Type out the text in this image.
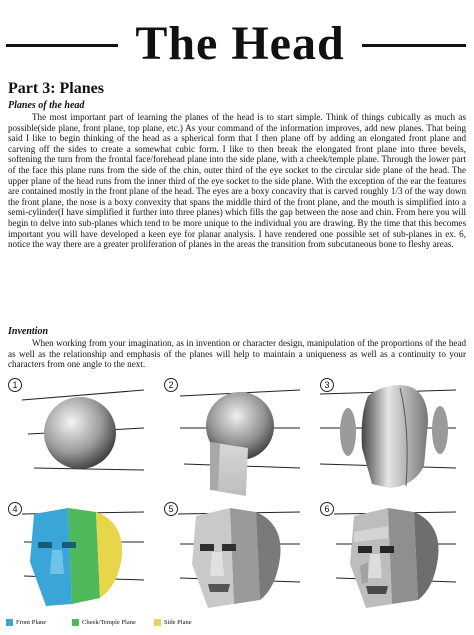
The Head
Part 3: Planes
Planes of the head
The most important part of learning the planes of the head is to start simple. Think of things cubically as much as possible(side plane, front plane, top plane, etc.) As your command of the information improves, add new planes. That being said I like to begin thinking of the head as a spherical form that I then plane off by adding an elongated front plane and carving off the sides to create a somewhat cubic form. I like to then break the elongated front plane into three bevels, softening the turn from the frontal face/forehead plane into the side plane, with a cheek/temple plane. Through the lower part of the face this plane runs from the side of the chin, outer third of the eye socket to the circular side plane of the head. The upper plane of the head runs from the inner third of the eye socket to the side plane. With the exception of the ear the features are contained mostly in the front plane of the head. The eyes are a boxy concavity that is carved roughly 1/3 of the way down the front plane, the nose is a boxy convexity that spans the middle third of the front plane, and the mouth is simplified into a semi-cylinder(I have simplified it further into three planes) which fills the gap between the nose and chin. From here you will begin to delve into sub-planes which tend to be more unique to the individual you are drawing. By the time that this becomes important you will have developed a keen eye for planar analysis. I have rendered one possible set of sub-planes in ex. 6, notice the way there are a greater proliferation of planes in the areas the transition from subcutaneous bone to fleshy areas.
Invention
When working from your imagination, as in invention or character design, manipulation of the proportions of the head as well as the relationship and emphasis of the planes will help to maintain a uniqueness as well as a continuity to your characters from one angle to the next.
1	2	3
4	5	6
Front Plane	Cheek/Temple Plane	Side Plane
